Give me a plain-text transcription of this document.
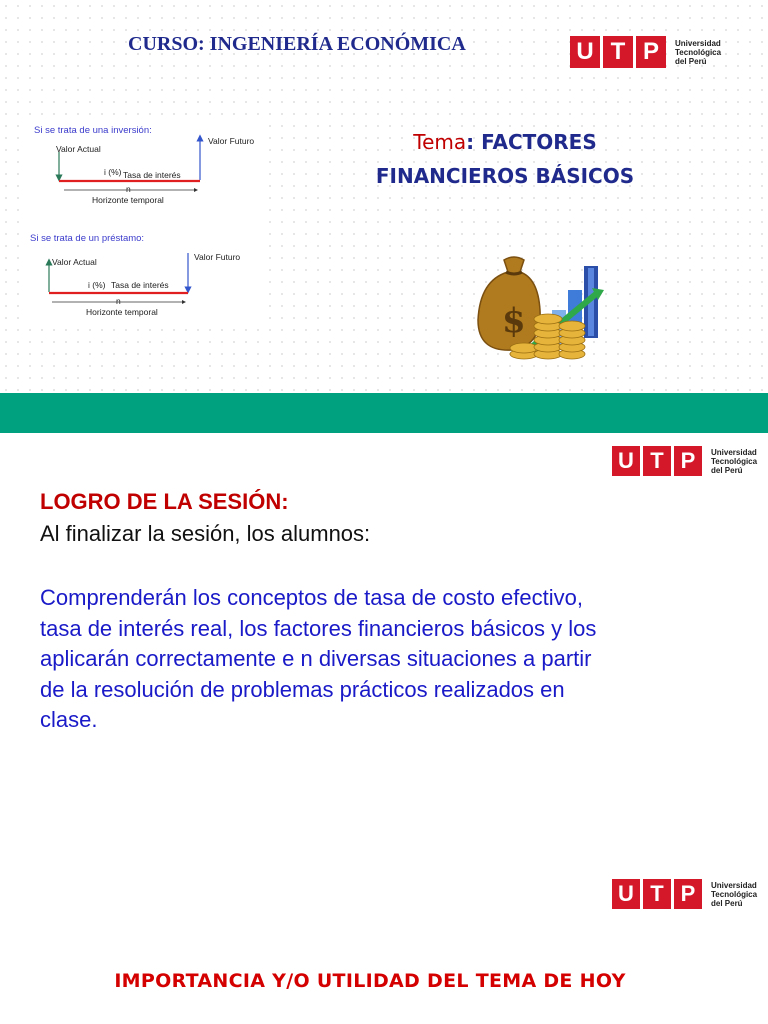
CURSO: INGENIERÍA ECONÓMICA	U T P	Universidad
Tecnológica
del Perú
Tema: FACTORES
FINANCIEROS BÁSICOS
Si se trata de una inversión:
Valor Actual
Valor Futuro
i (%) Tasa de interés
n
Horizonte temporal
Si se trata de un préstamo:
Valor Actual	Valor Futuro
i (%) Tasa de interés
n
Horizonte temporal	$
U T P	Universidad
Tecnológica
del Perú
LOGRO DE LA SESIÓN:
Al finalizar la sesión, los alumnos:
Comprenderán los conceptos de tasa de costo efectivo, tasa de interés real, los factores financieros básicos y los aplicarán correctamente e n diversas situaciones a partir de la resolución de problemas prácticos realizados en clase.
U T P	Universidad
Tecnológica
del Perú
IMPORTANCIA Y/O UTILIDAD DEL TEMA DE HOY
